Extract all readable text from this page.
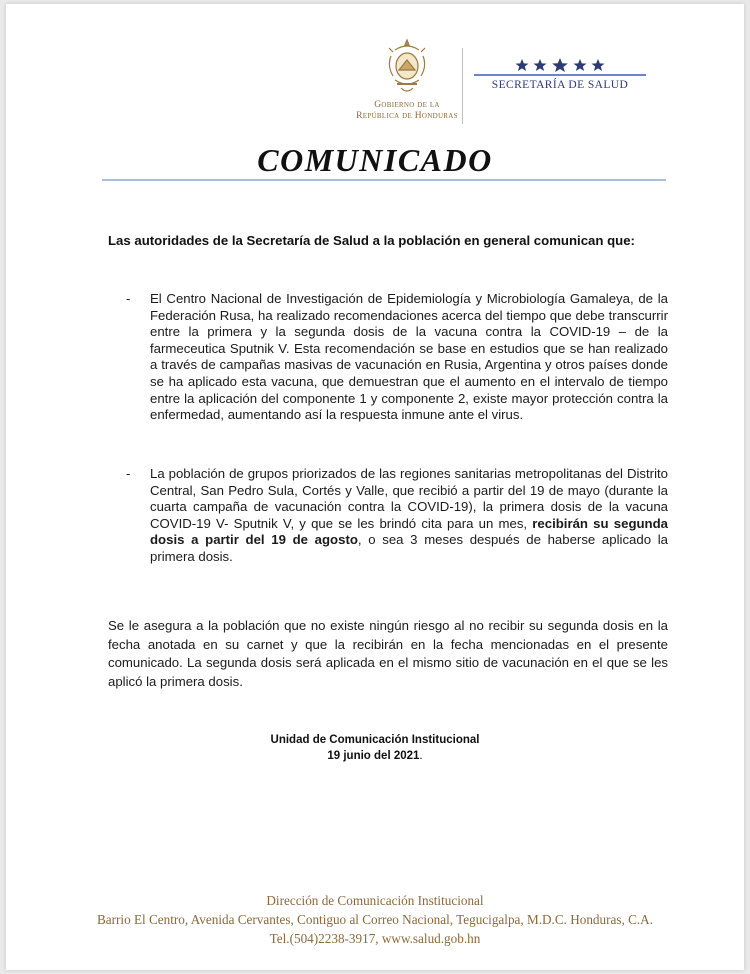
Gobierno de la
República de Honduras
SECRETARÍA DE SALUD
COMUNICADO
Las autoridades de la Secretaría de Salud a la población en general comunican que:
- El Centro Nacional de Investigación de Epidemiología y Microbiología Gamaleya, de la Federación Rusa, ha realizado recomendaciones acerca del tiempo que debe transcurrir entre la primera y la segunda dosis de la vacuna contra la COVID-19 – de la farmeceutica Sputnik V. Esta recomendación se base en estudios que se han realizado a través de campañas masivas de vacunación en Rusia, Argentina y otros países donde se ha aplicado esta vacuna, que demuestran que el aumento en el intervalo de tiempo entre la aplicación del componente 1 y componente 2, existe mayor protección contra la enfermedad, aumentando así la respuesta inmune ante el virus.
- La población de grupos priorizados de las regiones sanitarias metropolitanas del Distrito Central, San Pedro Sula, Cortés y Valle, que recibió a partir del 19 de mayo (durante la cuarta campaña de vacunación contra la COVID-19), la primera dosis de la vacuna COVID-19 V- Sputnik V, y que se les brindó cita para un mes, recibirán su segunda dosis a partir del 19 de agosto, o sea 3 meses después de haberse aplicado la primera dosis.
Se le asegura a la población que no existe ningún riesgo al no recibir su segunda dosis en la fecha anotada en su carnet y que la recibirán en la fecha mencionadas en el presente comunicado. La segunda dosis será aplicada en el mismo sitio de vacunación en el que se les aplicó la primera dosis.
Unidad de Comunicación Institucional
19 junio del 2021.
Dirección de Comunicación Institucional
Barrio El Centro, Avenida Cervantes, Contiguo al Correo Nacional, Tegucigalpa, M.D.C. Honduras, C.A.
Tel.(504)2238-3917, www.salud.gob.hn
